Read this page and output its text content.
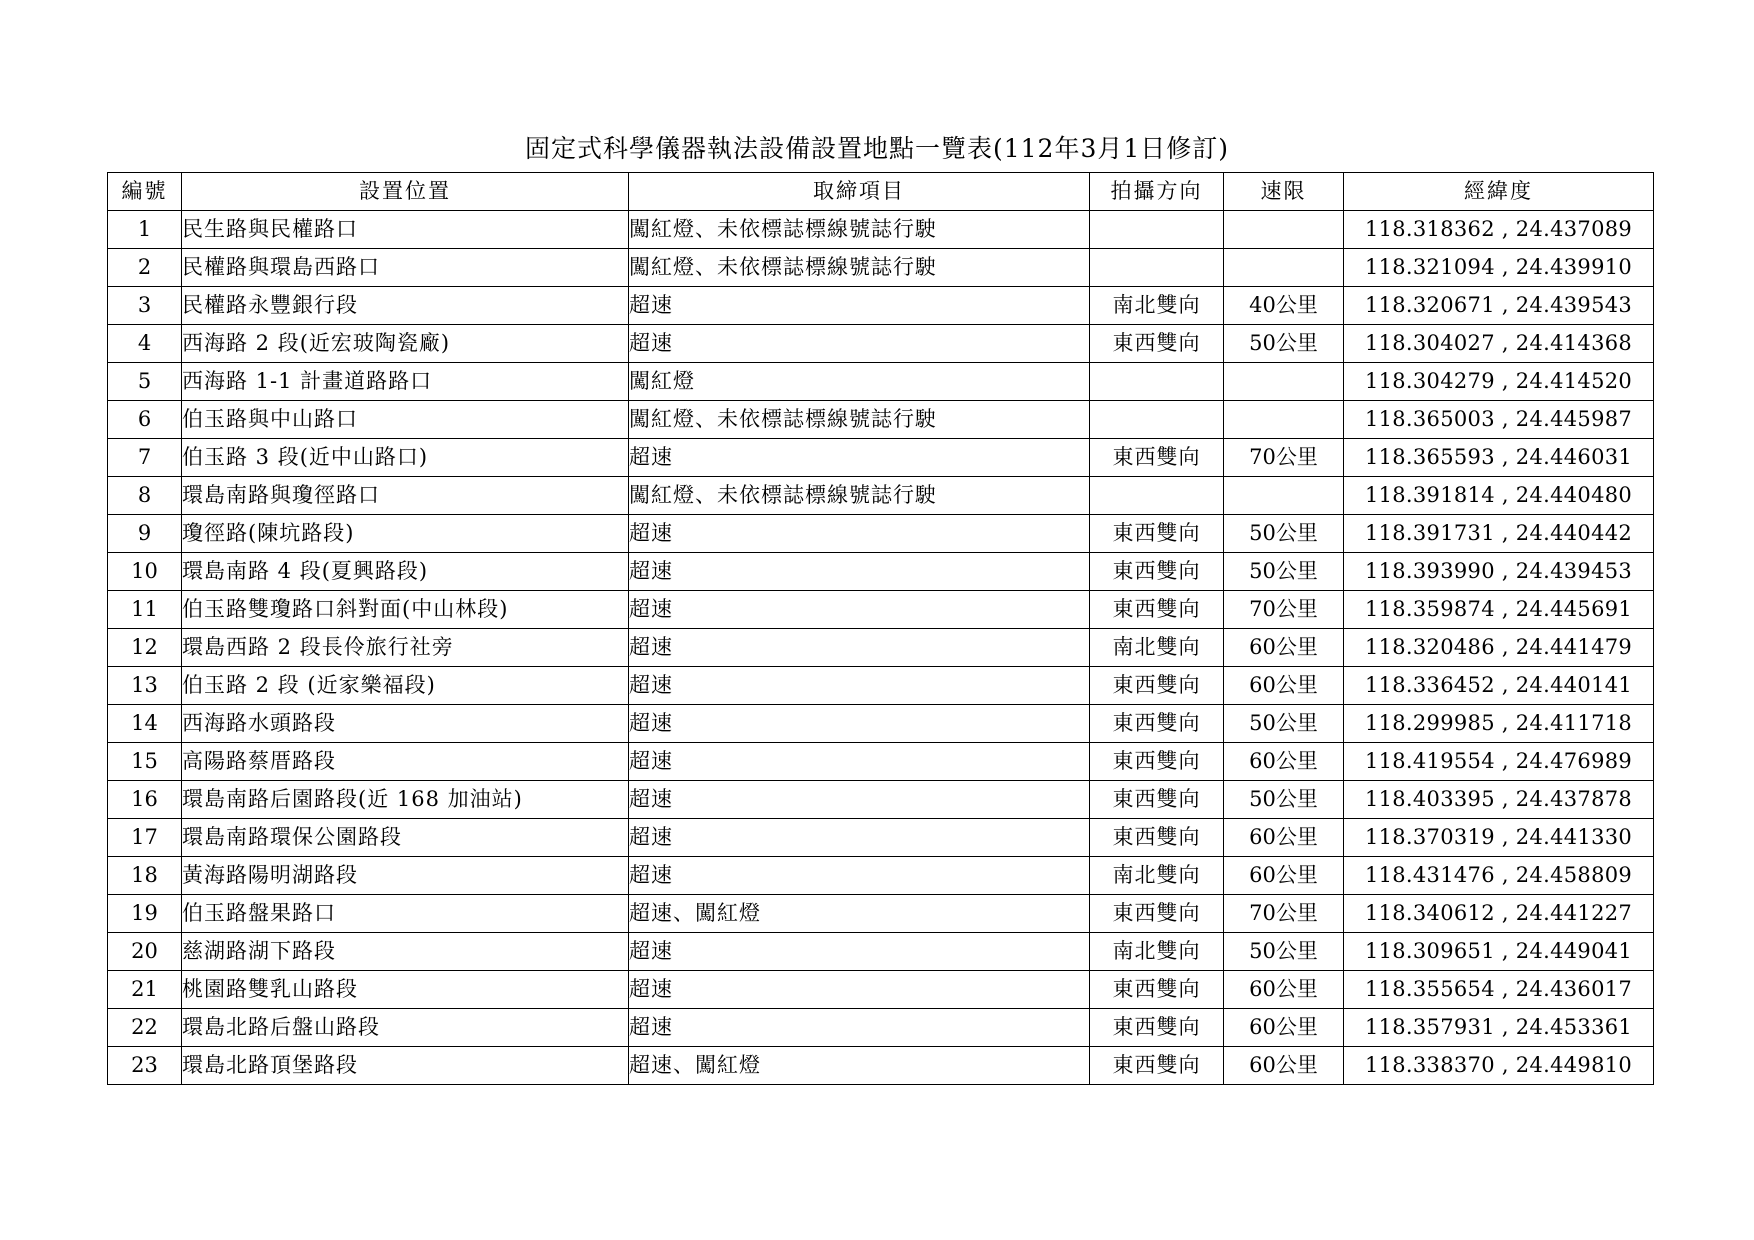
固定式科學儀器執法設備設置地點一覽表(112年3月1日修訂)
編號	設置位置	取締項目	拍攝方向	速限	經緯度
1	民生路與民權路口	闖紅燈、未依標誌標線號誌行駛			118.318362 , 24.437089
2	民權路與環島西路口	闖紅燈、未依標誌標線號誌行駛			118.321094 , 24.439910
3	民權路永豐銀行段	超速	南北雙向	40公里	118.320671 , 24.439543
4	西海路 2 段(近宏玻陶瓷廠)	超速	東西雙向	50公里	118.304027 , 24.414368
5	西海路 1-1 計畫道路路口	闖紅燈			118.304279 , 24.414520
6	伯玉路與中山路口	闖紅燈、未依標誌標線號誌行駛			118.365003 , 24.445987
7	伯玉路 3 段(近中山路口)	超速	東西雙向	70公里	118.365593 , 24.446031
8	環島南路與瓊徑路口	闖紅燈、未依標誌標線號誌行駛			118.391814 , 24.440480
9	瓊徑路(陳坑路段)	超速	東西雙向	50公里	118.391731 , 24.440442
10	環島南路 4 段(夏興路段)	超速	東西雙向	50公里	118.393990 , 24.439453
11	伯玉路雙瓊路口斜對面(中山林段)	超速	東西雙向	70公里	118.359874 , 24.445691
12	環島西路 2 段長伶旅行社旁	超速	南北雙向	60公里	118.320486 , 24.441479
13	伯玉路 2 段 (近家樂福段)	超速	東西雙向	60公里	118.336452 , 24.440141
14	西海路水頭路段	超速	東西雙向	50公里	118.299985 , 24.411718
15	高陽路蔡厝路段	超速	東西雙向	60公里	118.419554 , 24.476989
16	環島南路后園路段(近 168 加油站)	超速	東西雙向	50公里	118.403395 , 24.437878
17	環島南路環保公園路段	超速	東西雙向	60公里	118.370319 , 24.441330
18	黃海路陽明湖路段	超速	南北雙向	60公里	118.431476 , 24.458809
19	伯玉路盤果路口	超速、闖紅燈	東西雙向	70公里	118.340612 , 24.441227
20	慈湖路湖下路段	超速	南北雙向	50公里	118.309651 , 24.449041
21	桃園路雙乳山路段	超速	東西雙向	60公里	118.355654 , 24.436017
22	環島北路后盤山路段	超速	東西雙向	60公里	118.357931 , 24.453361
23	環島北路頂堡路段	超速、闖紅燈	東西雙向	60公里	118.338370 , 24.449810
